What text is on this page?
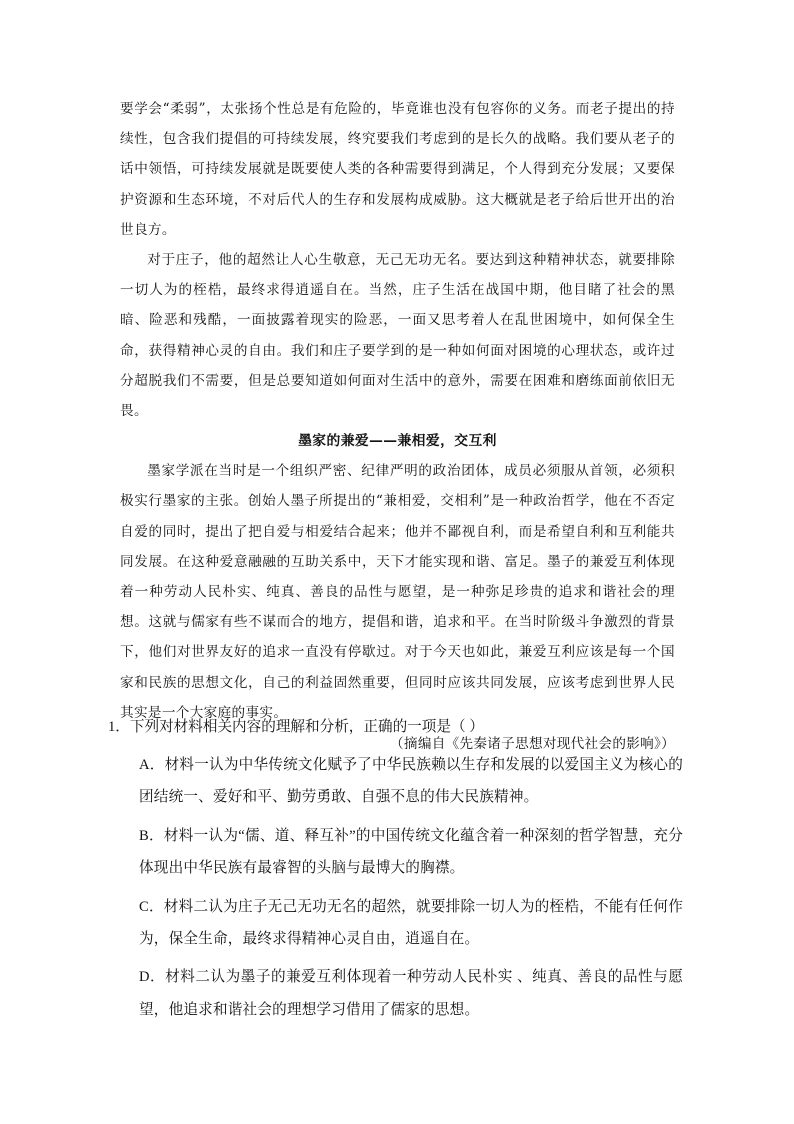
要学会“柔弱”，太张扬个性总是有危险的，毕竟谁也没有包容你的义务。而老子提出的持续性，包含我们提倡的可持续发展，终究要我们考虑到的是长久的战略。我们要从老子的话中领悟，可持续发展就是既要使人类的各种需要得到满足，个人得到充分发展；又要保护资源和生态环境，不对后代人的生存和发展构成威胁。这大概就是老子给后世开出的治世良方。

对于庄子，他的超然让人心生敬意，无己无功无名。要达到这种精神状态，就要排除一切人为的桎梏，最终求得逍遥自在。当然，庄子生活在战国中期，他目睹了社会的黑暗、险恶和残酷，一面披露着现实的险恶，一面又思考着人在乱世困境中，如何保全生命，获得精神心灵的自由。我们和庄子要学到的是一种如何面对困境的心理状态，或许过分超脱我们不需要，但是总要知道如何面对生活中的意外，需要在困难和磨练面前依旧无畏。

墨家的兼爱——兼相爱，交互利

墨家学派在当时是一个组织严密、纪律严明的政治团体，成员必须服从首领，必须积极实行墨家的主张。创始人墨子所提出的“兼相爱，交相利”是一种政治哲学，他在不否定自爱的同时，提出了把自爱与相爱结合起来；他并不鄙视自利，而是希望自利和互利能共同发展。在这种爱意融融的互助关系中，天下才能实现和谐、富足。墨子的兼爱互利体现着一种劳动人民朴实、纯真、善良的品性与愿望，是一种弥足珍贵的追求和谐社会的理想。这就与儒家有些不谋而合的地方，提倡和谐，追求和平。在当时阶级斗争激烈的背景下，他们对世界友好的追求一直没有停歇过。对于今天也如此，兼爱互利应该是每一个国家和民族的思想文化，自己的利益固然重要，但同时应该共同发展，应该考虑到世界人民其实是一个大家庭的事实。

（摘编自《先秦诸子思想对现代社会的影响》）

1．下列对材料相关内容的理解和分析，正确的一项是（ ）

A．材料一认为中华传统文化赋予了中华民族赖以生存和发展的以爱国主义为核心的团结统一、爱好和平、勤劳勇敢、自强不息的伟大民族精神。

B．材料一认为“儒、道、释互补”的中国传统文化蕴含着一种深刻的哲学智慧，充分体现出中华民族有最睿智的头脑与最博大的胸襟。

C．材料二认为庄子无己无功无名的超然，就要排除一切人为的桎梏，不能有任何作为，保全生命，最终求得精神心灵自由，逍遥自在。

D．材料二认为墨子的兼爱互利体现着一种劳动人民朴实 、纯真、善良的品性与愿望，他追求和谐社会的理想学习借用了儒家的思想。
